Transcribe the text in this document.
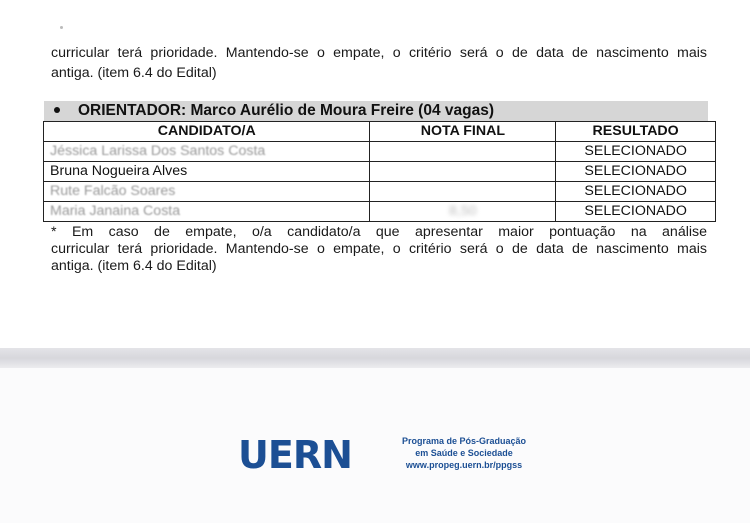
curricular terá prioridade. Mantendo-se o empate, o critério será o de data de nascimento mais
antiga. (item 6.4 do Edital)
ORIENTADOR: Marco Aurélio de Moura Freire (04 vagas)
CANDIDATO/A	NOTA FINAL	RESULTADO
Jéssica Larissa Dos Santos Costa		SELECIONADO
Bruna Nogueira Alves		SELECIONADO
Rute Falcão Soares		SELECIONADO
Maria Janaina Costa	8,50	SELECIONADO
* Em caso de empate, o/a candidato/a que apresentar maior pontuação na análise
curricular terá prioridade. Mantendo-se o empate, o critério será o de data de nascimento mais
antiga. (item 6.4 do Edital)
UERN	Programa de Pós-Graduação
em Saúde e Sociedade
www.propeg.uern.br/ppgss
